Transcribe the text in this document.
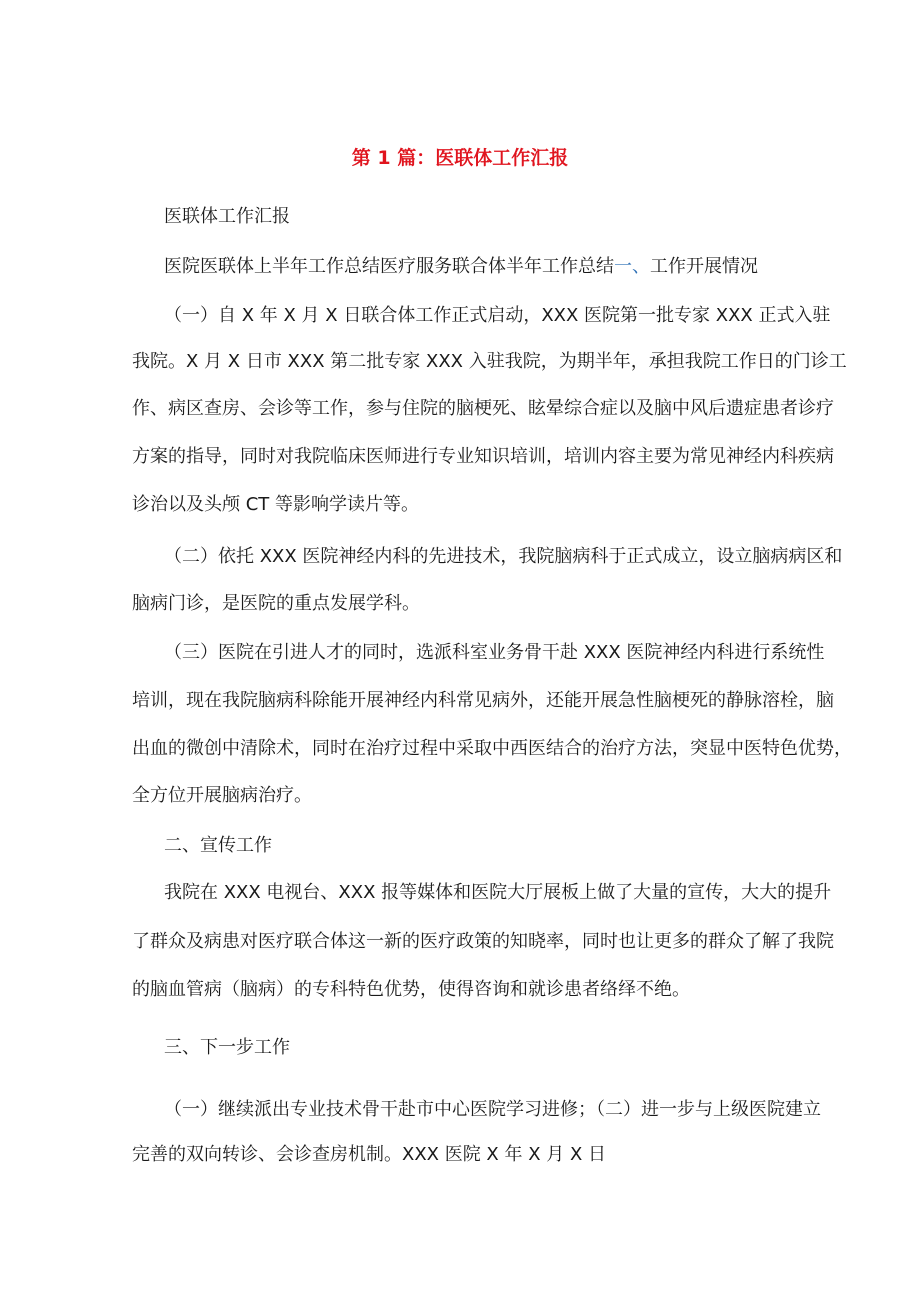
第 1 篇：医联体工作汇报
医联体工作汇报
医院医联体上半年工作总结医疗服务联合体半年工作总结一、工作开展情况
（一）自 X 年 X 月 X 日联合体工作正式启动，XXX 医院第一批专家 XXX 正式入驻
我院。X 月 X 日市 XXX 第二批专家 XXX 入驻我院，为期半年，承担我院工作日的门诊工
作、病区查房、会诊等工作，参与住院的脑梗死、眩晕综合症以及脑中风后遗症患者诊疗
方案的指导，同时对我院临床医师进行专业知识培训，培训内容主要为常见神经内科疾病
诊治以及头颅 CT 等影响学读片等。
（二）依托 XXX 医院神经内科的先进技术，我院脑病科于正式成立，设立脑病病区和
脑病门诊，是医院的重点发展学科。
（三）医院在引进人才的同时，选派科室业务骨干赴 XXX 医院神经内科进行系统性
培训，现在我院脑病科除能开展神经内科常见病外，还能开展急性脑梗死的静脉溶栓，脑
出血的微创中清除术，同时在治疗过程中采取中西医结合的治疗方法，突显中医特色优势，
全方位开展脑病治疗。
二、宣传工作
我院在 XXX 电视台、XXX 报等媒体和医院大厅展板上做了大量的宣传，大大的提升
了群众及病患对医疗联合体这一新的医疗政策的知晓率，同时也让更多的群众了解了我院
的脑血管病（脑病）的专科特色优势，使得咨询和就诊患者络绎不绝。
三、下一步工作
（一）继续派出专业技术骨干赴市中心医院学习进修；（二）进一步与上级医院建立
完善的双向转诊、会诊查房机制。XXX 医院 X 年 X 月 X 日
